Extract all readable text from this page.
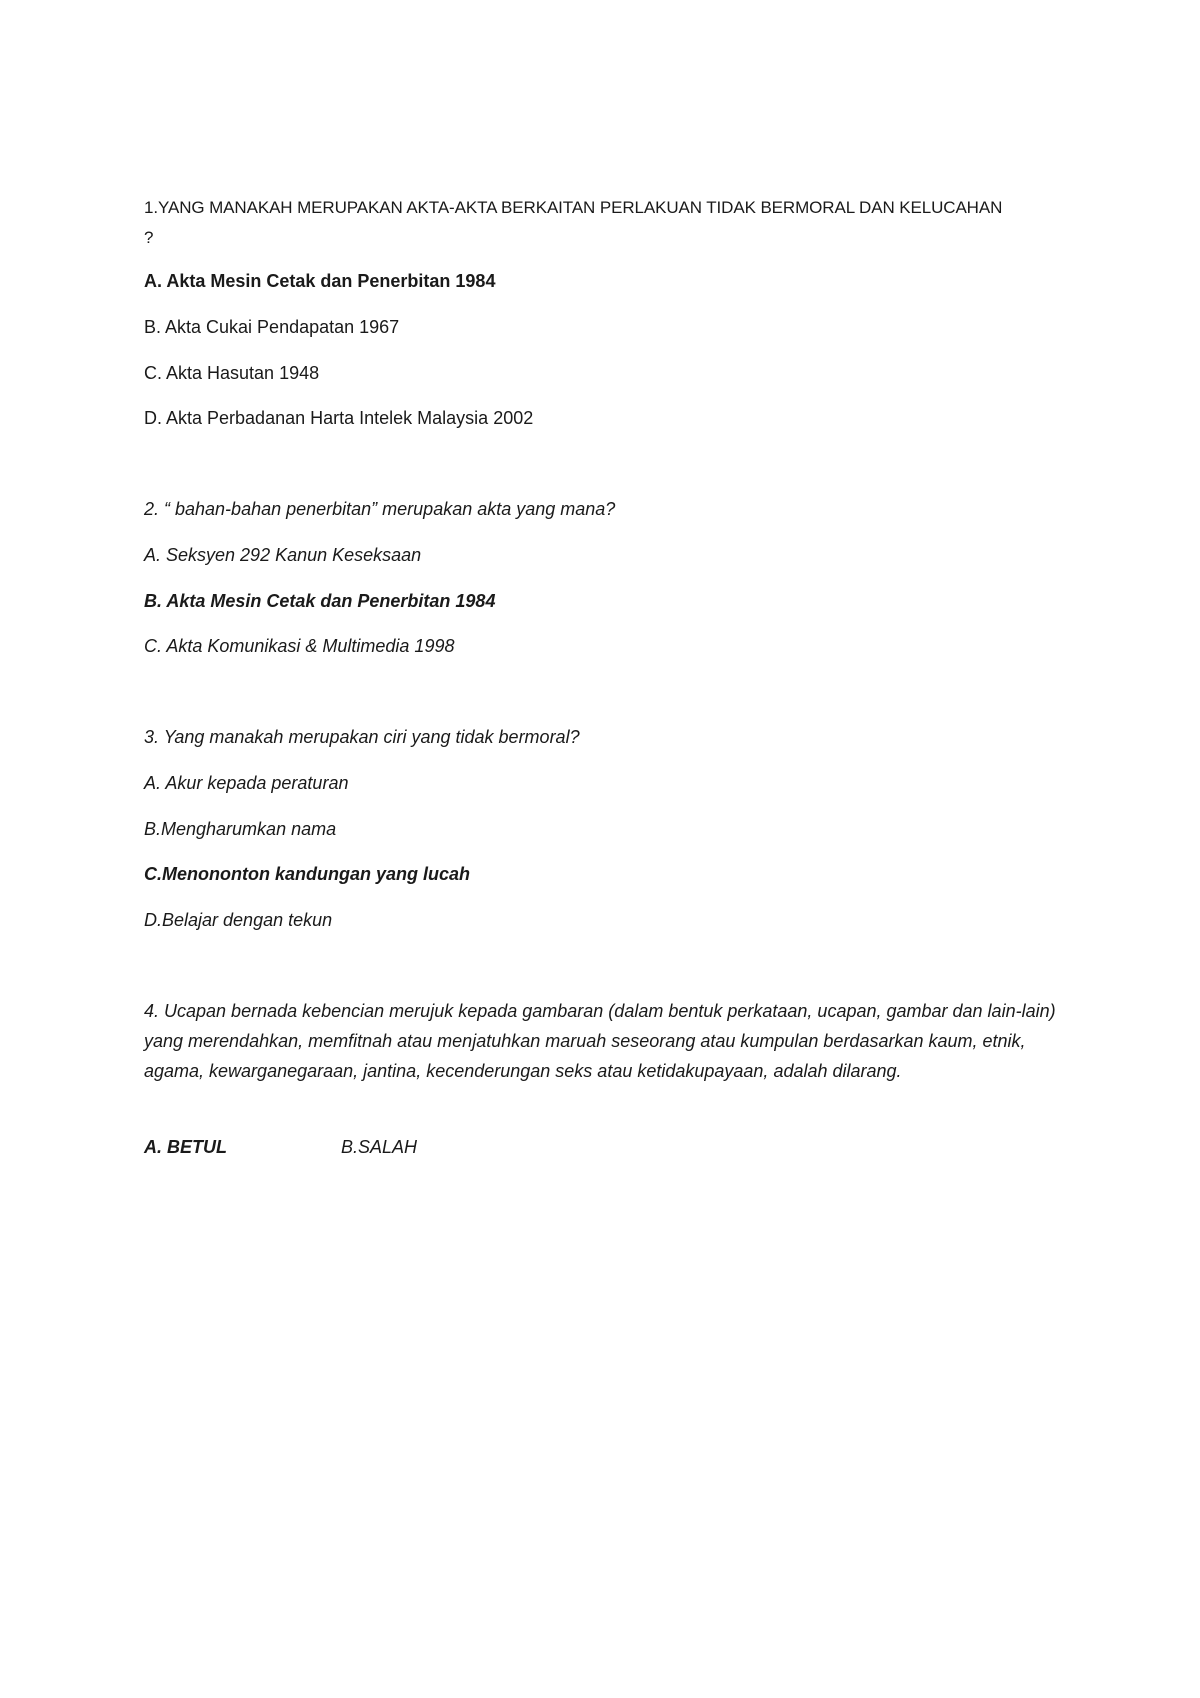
1.YANG MANAKAH MERUPAKAN AKTA-AKTA BERKAITAN PERLAKUAN TIDAK BERMORAL DAN KELUCAHAN ?

A. Akta Mesin Cetak dan Penerbitan 1984

B. Akta Cukai Pendapatan 1967

C. Akta Hasutan 1948

D. Akta Perbadanan Harta Intelek Malaysia 2002

2. “ bahan-bahan penerbitan” merupakan akta yang mana?

A. Seksyen 292 Kanun Keseksaan

B. Akta Mesin Cetak dan Penerbitan 1984

C. Akta Komunikasi & Multimedia 1998

3. Yang manakah merupakan ciri yang tidak bermoral?

A. Akur kepada peraturan

B.Mengharumkan nama

C.Menononton kandungan yang lucah

D.Belajar dengan tekun

4. Ucapan bernada kebencian merujuk kepada gambaran (dalam bentuk perkataan, ucapan, gambar dan lain-lain) yang merendahkan, memfitnah atau menjatuhkan maruah seseorang atau kumpulan berdasarkan kaum, etnik, agama, kewarganegaraan, jantina, kecenderungan seks atau ketidakupayaan, adalah dilarang.

A. BETUL	B.SALAH
